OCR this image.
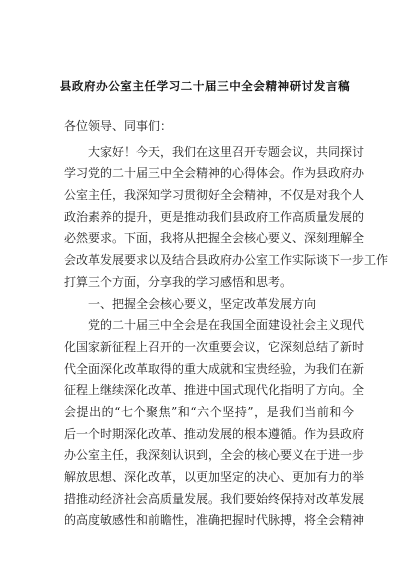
县政府办公室主任学习二十届三中全会精神研讨发言稿
各位领导、同事们：
大家好！今天，我们在这里召开专题会议，共同探讨
学习党的二十届三中全会精神的心得体会。作为县政府办
公室主任，我深知学习贯彻好全会精神，不仅是对我个人
政治素养的提升，更是推动我们县政府工作高质量发展的
必然要求。下面，我将从把握全会核心要义、深刻理解全
会改革发展要求以及结合县政府办公室工作实际谈下一步工作
打算三个方面，分享我的学习感悟和思考。
一、把握全会核心要义，坚定改革发展方向
党的二十届三中全会是在我国全面建设社会主义现代
化国家新征程上召开的一次重要会议，它深刻总结了新时
代全面深化改革取得的重大成就和宝贵经验，为我们在新
征程上继续深化改革、推进中国式现代化指明了方向。全
会提出的“七个聚焦”和“六个坚持”，是我们当前和今
后一个时期深化改革、推动发展的根本遵循。作为县政府
办公室主任，我深刻认识到，全会的核心要义在于进一步
解放思想、深化改革，以更加坚定的决心、更加有力的举
措推动经济社会高质量发展。我们要始终保持对改革发展
的高度敏感性和前瞻性，准确把握时代脉搏，将全会精神
